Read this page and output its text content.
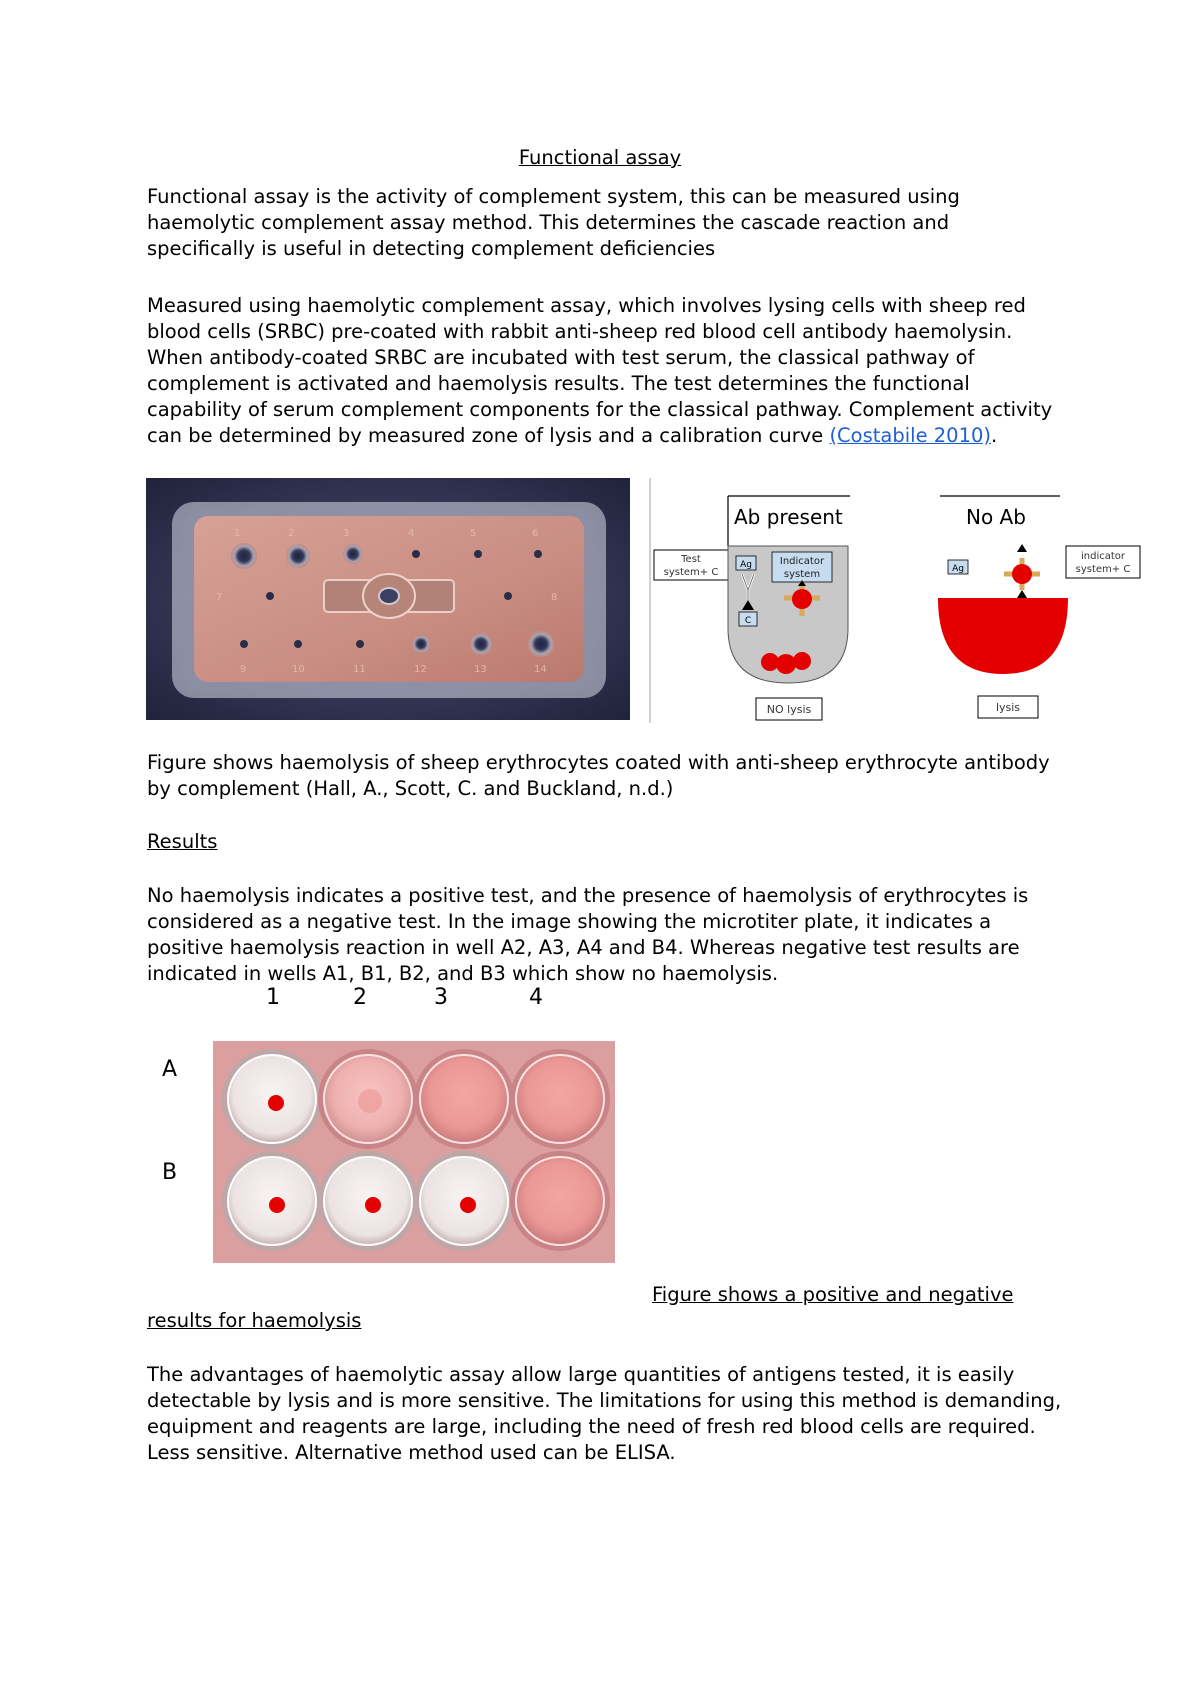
Functional assay
Functional assay is the activity of complement system, this can be measured using
haemolytic complement assay method. This determines the cascade reaction and
specifically is useful in detecting complement deficiencies
Measured using haemolytic complement assay, which involves lysing cells with sheep red
blood cells (SRBC) pre-coated with rabbit anti-sheep red blood cell antibody haemolysin.
When antibody-coated SRBC are incubated with test serum, the classical pathway of
complement is activated and haemolysis results. The test determines the functional
capability of serum complement components for the classical pathway. Complement activity
can be determined by measured zone of lysis and a calibration curve (Costabile 2010).
1	2	3	4	5	6
7	8
9	10	11	12	13	14
Ab present	No Ab
Test
system+ C
Ag
C
Indicator
system
NO lysis
Ag
indicator
system+ C
lysis
Figure shows haemolysis of sheep erythrocytes coated with anti-sheep erythrocyte antibody
by complement (Hall, A., Scott, C. and Buckland, n.d.)
Results
No haemolysis indicates a positive test, and the presence of haemolysis of erythrocytes is
considered as a negative test. In the image showing the microtiter plate, it indicates a
positive haemolysis reaction in well A2, A3, A4 and B4. Whereas negative test results are
indicated in wells A1, B1, B2, and B3 which show no haemolysis.
1	2	3	4
A
B
Figure shows a positive and negative
results for haemolysis
The advantages of haemolytic assay allow large quantities of antigens tested, it is easily
detectable by lysis and is more sensitive. The limitations for using this method is demanding,
equipment and reagents are large, including the need of fresh red blood cells are required.
Less sensitive. Alternative method used can be ELISA.
